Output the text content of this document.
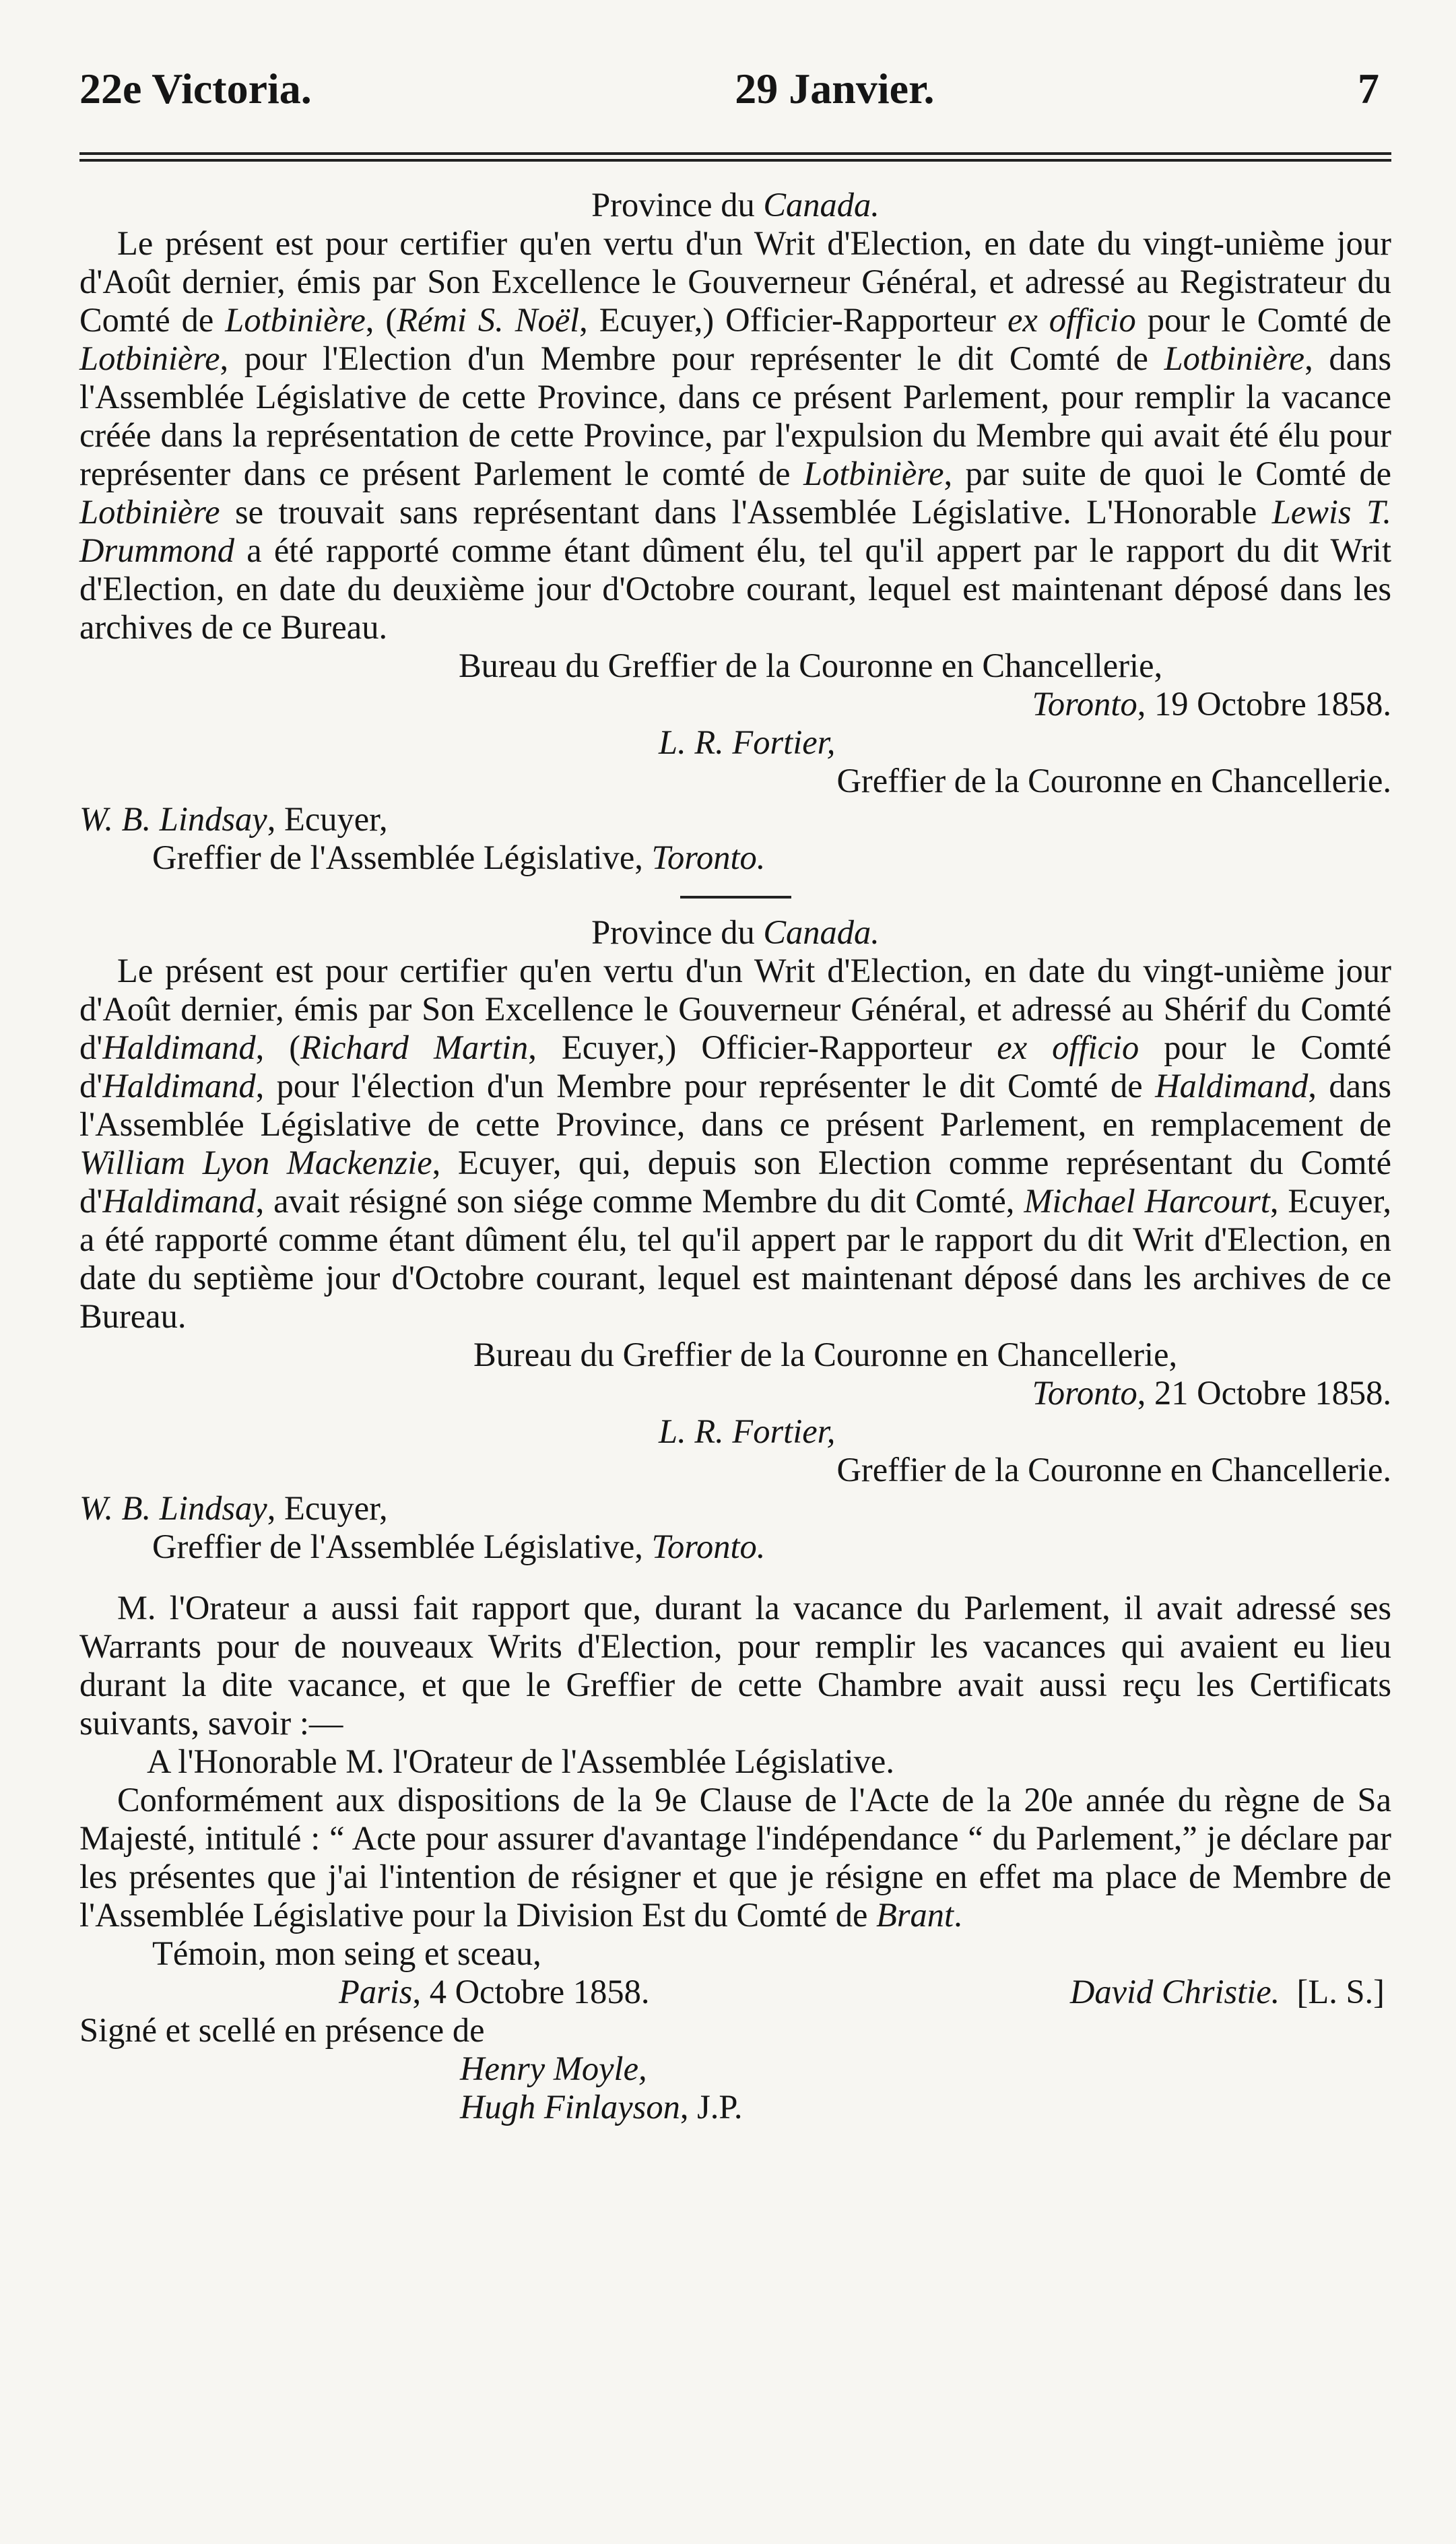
22e Victoria.	29 Janvier.	7
Province du Canada.

Le présent est pour certifier qu'en vertu d'un Writ d'Election, en date du vingt-unième jour d'Août dernier, émis par Son Excellence le Gouverneur Général, et adressé au Registrateur du Comté de Lotbinière, (Rémi S. Noël, Ecuyer,) Officier-Rapporteur ex officio pour le Comté de Lotbinière, pour l'Election d'un Membre pour représenter le dit Comté de Lotbinière, dans l'Assemblée Législative de cette Province, dans ce présent Parlement, pour remplir la vacance créée dans la représentation de cette Province, par l'expulsion du Membre qui avait été élu pour représenter dans ce présent Parlement le comté de Lotbinière, par suite de quoi le Comté de Lotbinière se trouvait sans représentant dans l'Assemblée Législative. L'Honorable Lewis T. Drummond a été rapporté comme étant dûment élu, tel qu'il appert par le rapport du dit Writ d'Election, en date du deuxième jour d'Octobre courant, lequel est maintenant déposé dans les archives de ce Bureau.

Bureau du Greffier de la Couronne en Chancellerie,
Toronto, 19 Octobre 1858.
L. R. Fortier,
Greffier de la Couronne en Chancellerie.
W. B. Lindsay, Ecuyer,
Greffier de l'Assemblée Législative, Toronto.
Province du Canada.

Le présent est pour certifier qu'en vertu d'un Writ d'Election, en date du vingt-unième jour d'Août dernier, émis par Son Excellence le Gouverneur Général, et adressé au Shérif du Comté d'Haldimand, (Richard Martin, Ecuyer,) Officier-Rapporteur ex officio pour le Comté d'Haldimand, pour l'élection d'un Membre pour représenter le dit Comté de Haldimand, dans l'Assemblée Législative de cette Province, dans ce présent Parlement, en remplacement de William Lyon Mackenzie, Ecuyer, qui, depuis son Election comme représentant du Comté d'Haldimand, avait résigné son siége comme Membre du dit Comté, Michael Harcourt, Ecuyer, a été rapporté comme étant dûment élu, tel qu'il appert par le rapport du dit Writ d'Election, en date du septième jour d'Octobre courant, lequel est maintenant déposé dans les archives de ce Bureau.

Bureau du Greffier de la Couronne en Chancellerie,
Toronto, 21 Octobre 1858.
L. R. Fortier,
Greffier de la Couronne en Chancellerie.
W. B. Lindsay, Ecuyer,
Greffier de l'Assemblée Législative, Toronto.

M. l'Orateur a aussi fait rapport que, durant la vacance du Parlement, il avait adressé ses Warrants pour de nouveaux Writs d'Election, pour remplir les vacances qui avaient eu lieu durant la dite vacance, et que le Greffier de cette Chambre avait aussi reçu les Certificats suivants, savoir :—

A l'Honorable M. l'Orateur de l'Assemblée Législative.

Conformément aux dispositions de la 9e Clause de l'Acte de la 20e année du règne de Sa Majesté, intitulé : “ Acte pour assurer d'avantage l'indépendance “ du Parlement,” je déclare par les présentes que j'ai l'intention de résigner et que je résigne en effet ma place de Membre de l'Assemblée Législative pour la Division Est du Comté de Brant.

Témoin, mon seing et sceau,
Paris, 4 Octobre 1858.	David Christie. [L. S.]
Signé et scellé en présence de
Henry Moyle,
Hugh Finlayson, J.P.
